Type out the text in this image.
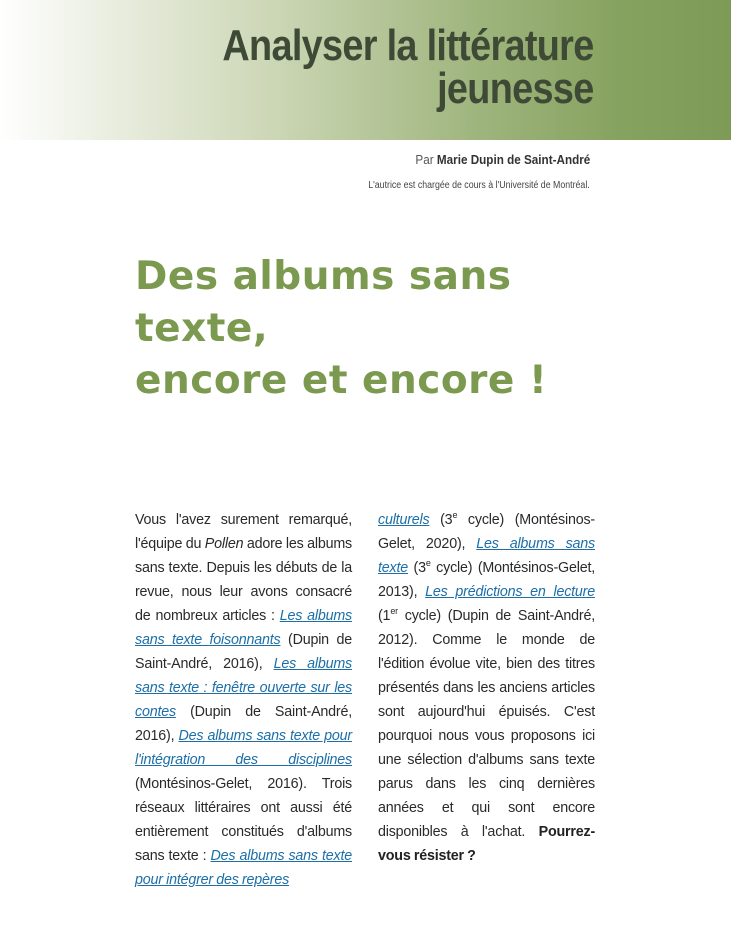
Analyser la littérature
jeunesse
Par Marie Dupin de Saint-André
L'autrice est chargée de cours à l'Université de Montréal.
Des albums sans texte,
encore et encore !

Vous l'avez surement remarqué, l'équipe du Pollen adore les albums sans texte. Depuis les débuts de la revue, nous leur avons consacré de nombreux articles : Les albums sans texte foisonnants (Dupin de Saint-André, 2016), Les albums sans texte : fenêtre ouverte sur les contes (Dupin de Saint-André, 2016), Des albums sans texte pour l'intégration des disciplines (Montésinos-Gelet, 2016). Trois réseaux littéraires ont aussi été entièrement constitués d'albums sans texte : Des albums sans texte pour intégrer des repères

culturels (3e cycle) (Montésinos-Gelet, 2020), Les albums sans texte (3e cycle) (Montésinos-Gelet, 2013), Les prédictions en lecture (1er cycle) (Dupin de Saint-André, 2012). Comme le monde de l'édition évolue vite, bien des titres présentés dans les anciens articles sont aujourd'hui épuisés. C'est pourquoi nous vous proposons ici une sélection d'albums sans texte parus dans les cinq dernières années et qui sont encore disponibles à l'achat. Pourrez-vous résister ?
